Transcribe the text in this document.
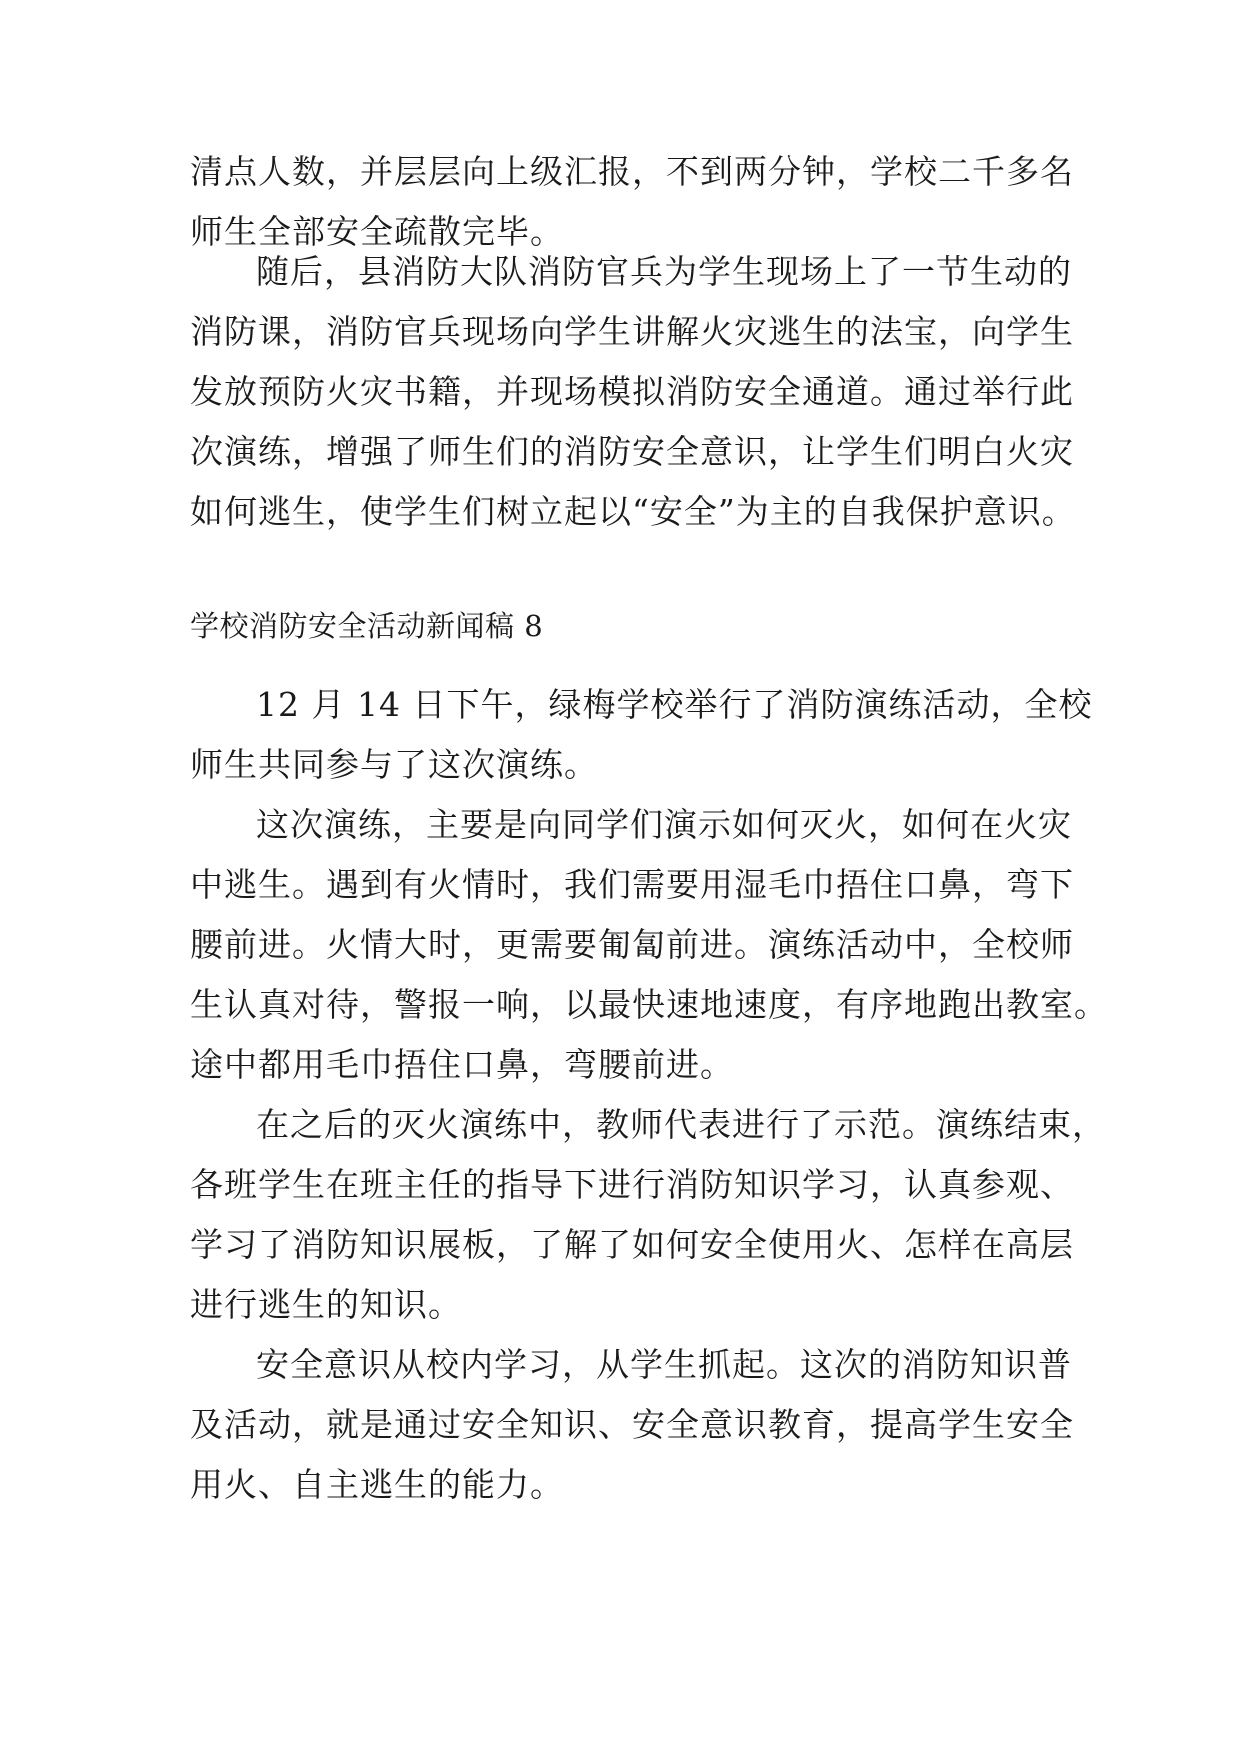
清点人数，并层层向上级汇报，不到两分钟，学校二千多名
师生全部安全疏散完毕。

随后，县消防大队消防官兵为学生现场上了一节生动的
消防课，消防官兵现场向学生讲解火灾逃生的法宝，向学生
发放预防火灾书籍，并现场模拟消防安全通道。通过举行此
次演练，增强了师生们的消防安全意识，让学生们明白火灾
如何逃生，使学生们树立起以“安全”为主的自我保护意识。

学校消防安全活动新闻稿 8

12 月 14 日下午，绿梅学校举行了消防演练活动，全校
师生共同参与了这次演练。

这次演练，主要是向同学们演示如何灭火，如何在火灾
中逃生。遇到有火情时，我们需要用湿毛巾捂住口鼻，弯下
腰前进。火情大时，更需要匍匐前进。演练活动中，全校师
生认真对待，警报一响，以最快速地速度，有序地跑出教室。
途中都用毛巾捂住口鼻，弯腰前进。

在之后的灭火演练中，教师代表进行了示范。演练结束，
各班学生在班主任的指导下进行消防知识学习，认真参观、
学习了消防知识展板，了解了如何安全使用火、怎样在高层
进行逃生的知识。

安全意识从校内学习，从学生抓起。这次的消防知识普
及活动，就是通过安全知识、安全意识教育，提高学生安全
用火、自主逃生的能力。
